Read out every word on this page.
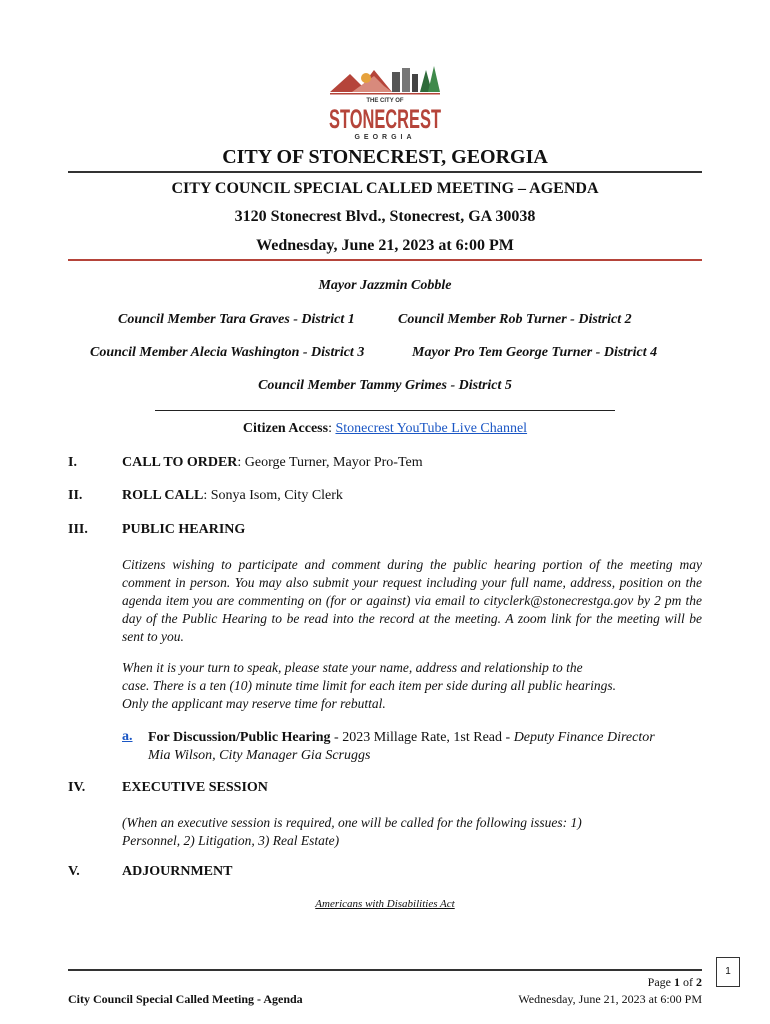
THE CITY OF
STONECREST
GEORGIA
CITY OF STONECREST, GEORGIA
CITY COUNCIL SPECIAL CALLED MEETING – AGENDA
3120 Stonecrest Blvd., Stonecrest, GA 30038
Wednesday, June 21, 2023 at 6:00 PM
Mayor Jazzmin Cobble
Council Member Tara Graves - District 1	Council Member Rob Turner - District 2
Council Member Alecia Washington - District 3	Mayor Pro Tem George Turner - District 4
Council Member Tammy Grimes - District 5
Citizen Access: Stonecrest YouTube Live Channel
I.	CALL TO ORDER: George Turner, Mayor Pro-Tem
II.	ROLL CALL: Sonya Isom, City Clerk
III. PUBLIC HEARING
Citizens wishing to participate and comment during the public hearing portion of the meeting may comment in person. You may also submit your request including your full name, address, position on the agenda item you are commenting on (for or against) via email to cityclerk@stonecrestga.gov by 2 pm the day of the Public Hearing to be read into the record at the meeting. A zoom link for the meeting will be sent to you.
When it is your turn to speak, please state your name, address and relationship to the
case. There is a ten (10) minute time limit for each item per side during all public hearings.
Only the applicant may reserve time for rebuttal.
a. For Discussion/Public Hearing - 2023 Millage Rate, 1st Read - Deputy Finance Director
Mia Wilson, City Manager Gia Scruggs
IV.	EXECUTIVE SESSION
(When an executive session is required, one will be called for the following issues: 1)
Personnel, 2) Litigation, 3) Real Estate)
V.	ADJOURNMENT
Americans with Disabilities Act
Page 1 of 2
City Council Special Called Meeting - Agenda	Wednesday, June 21, 2023 at 6:00 PM
1
